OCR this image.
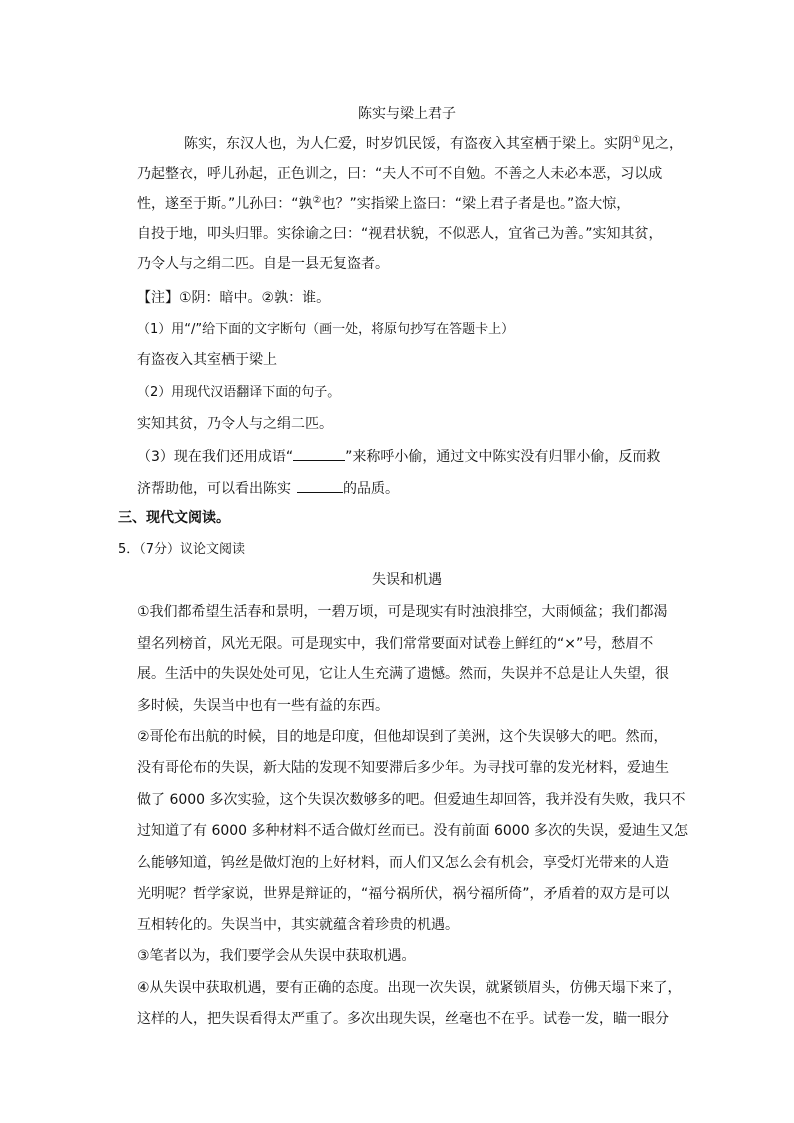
陈实与梁上君子
陈实，东汉人也，为人仁爱，时岁饥民馁，有盗夜入其室栖于梁上。实阴①见之，
乃起整衣，呼儿孙起，正色训之，曰：“夫人不可不自勉。不善之人未必本恶，习以成
性，遂至于斯。”儿孙曰：“孰②也？”实指梁上盗曰：“梁上君子者是也。”盗大惊，
自投于地，叩头归罪。实徐谕之曰：“视君状貌，不似恶人，宜省己为善。”实知其贫，
乃令人与之绢二匹。自是一县无复盗者。
【注】①阴：暗中。②孰：谁。
（1）用“/”给下面的文字断句（画一处，将原句抄写在答题卡上）
有盗夜入其室栖于梁上
（2）用现代汉语翻译下面的句子。
实知其贫，乃令人与之绢二匹。
（3）现在我们还用成语“	”来称呼小偷，通过文中陈实没有归罪小偷，反而救
济帮助他，可以看出陈实	的品质。
三、现代文阅读。
5．（7分）议论文阅读
失误和机遇
①我们都希望生活春和景明，一碧万顷，可是现实有时浊浪排空，大雨倾盆；我们都渴
望名列榜首，风光无限。可是现实中，我们常常要面对试卷上鲜红的“×”号，愁眉不
展。生活中的失误处处可见，它让人生充满了遗憾。然而，失误并不总是让人失望，很
多时候，失误当中也有一些有益的东西。
②哥伦布出航的时候，目的地是印度，但他却误到了美洲，这个失误够大的吧。然而，
没有哥伦布的失误，新大陆的发现不知要滞后多少年。为寻找可靠的发光材料，爱迪生
做了 6000 多次实验，这个失误次数够多的吧。但爱迪生却回答，我并没有失败，我只不
过知道了有 6000 多种材料不适合做灯丝而已。没有前面 6000 多次的失误，爱迪生又怎
么能够知道，钨丝是做灯泡的上好材料，而人们又怎么会有机会，享受灯光带来的人造
光明呢？哲学家说，世界是辩证的，“福兮祸所伏，祸兮福所倚”，矛盾着的双方是可以
互相转化的。失误当中，其实就蕴含着珍贵的机遇。
③笔者以为，我们要学会从失误中获取机遇。
④从失误中获取机遇，要有正确的态度。出现一次失误，就紧锁眉头，仿佛天塌下来了，
这样的人，把失误看得太严重了。多次出现失误，丝毫也不在乎。试卷一发，瞄一眼分
